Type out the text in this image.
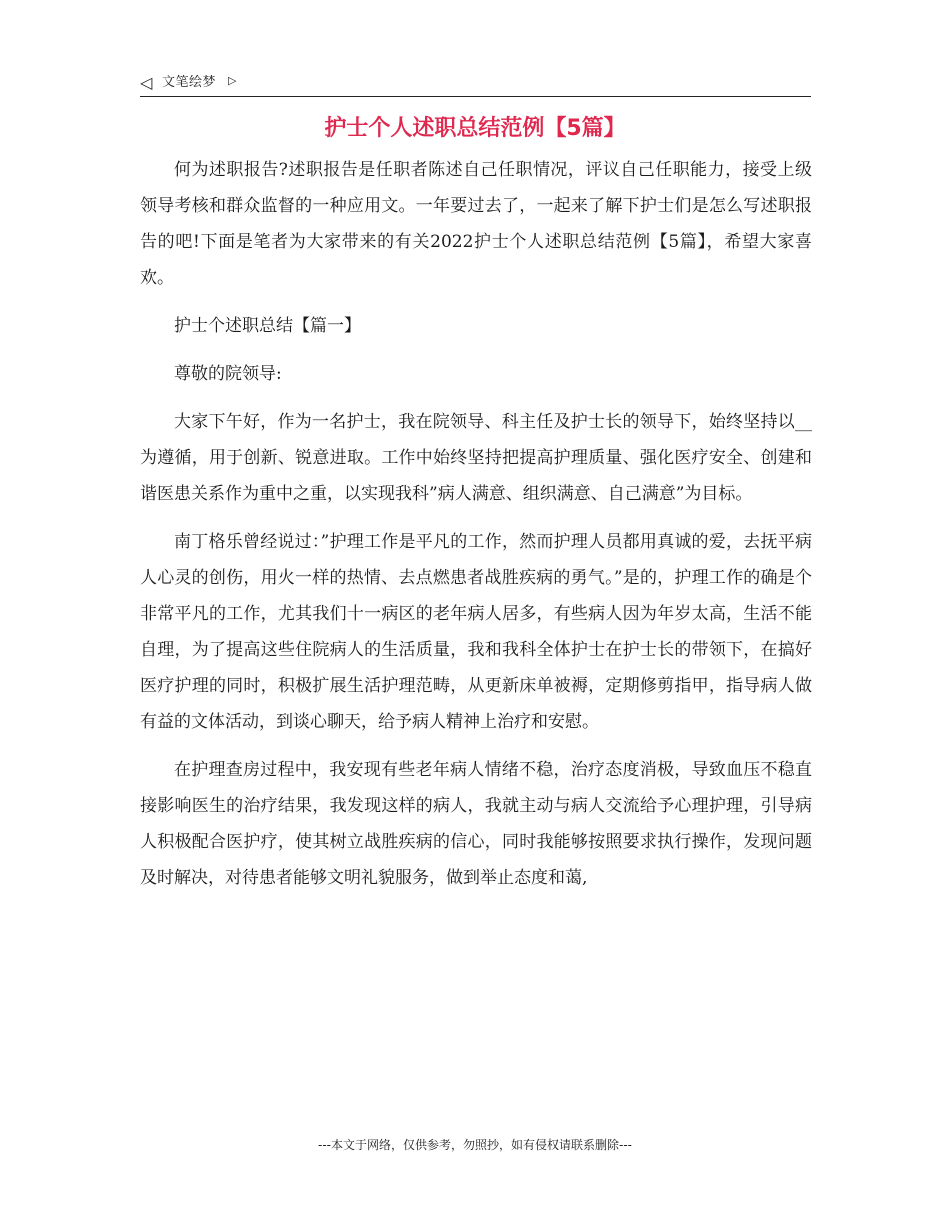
◁ 文笔绘梦 ▷
护士个人述职总结范例【5篇】

何为述职报告?述职报告是任职者陈述自己任职情况，评议自己任职能力，接受上级领导考核和群众监督的一种应用文。一年要过去了，一起来了解下护士们是怎么写述职报告的吧!下面是笔者为大家带来的有关2022护士个人述职总结范例【5篇】，希望大家喜欢。

护士个述职总结【篇一】

尊敬的院领导:

大家下午好，作为一名护士，我在院领导、科主任及护士长的领导下，始终坚持以__为遵循，用于创新、锐意进取。工作中始终坚持把提高护理质量、强化医疗安全、创建和谐医患关系作为重中之重，以实现我科”病人满意、组织满意、自己满意”为目标。

南丁格乐曾经说过：”护理工作是平凡的工作，然而护理人员都用真诚的爱，去抚平病人心灵的创伤，用火一样的热情、去点燃患者战胜疾病的勇气。”是的，护理工作的确是个非常平凡的工作，尤其我们十一病区的老年病人居多，有些病人因为年岁太高，生活不能自理，为了提高这些住院病人的生活质量，我和我科全体护士在护士长的带领下，在搞好医疗护理的同时，积极扩展生活护理范畴，从更新床单被褥，定期修剪指甲，指导病人做有益的文体活动，到谈心聊天，给予病人精神上治疗和安慰。

在护理查房过程中，我安现有些老年病人情绪不稳，治疗态度消极，导致血压不稳直接影响医生的治疗结果，我发现这样的病人，我就主动与病人交流给予心理护理，引导病人积极配合医护疗，使其树立战胜疾病的信心，同时我能够按照要求执行操作，发现问题及时解决，对待患者能够文明礼貌服务，做到举止态度和蔼,

---本文于网络，仅供参考，勿照抄，如有侵权请联系删除---
